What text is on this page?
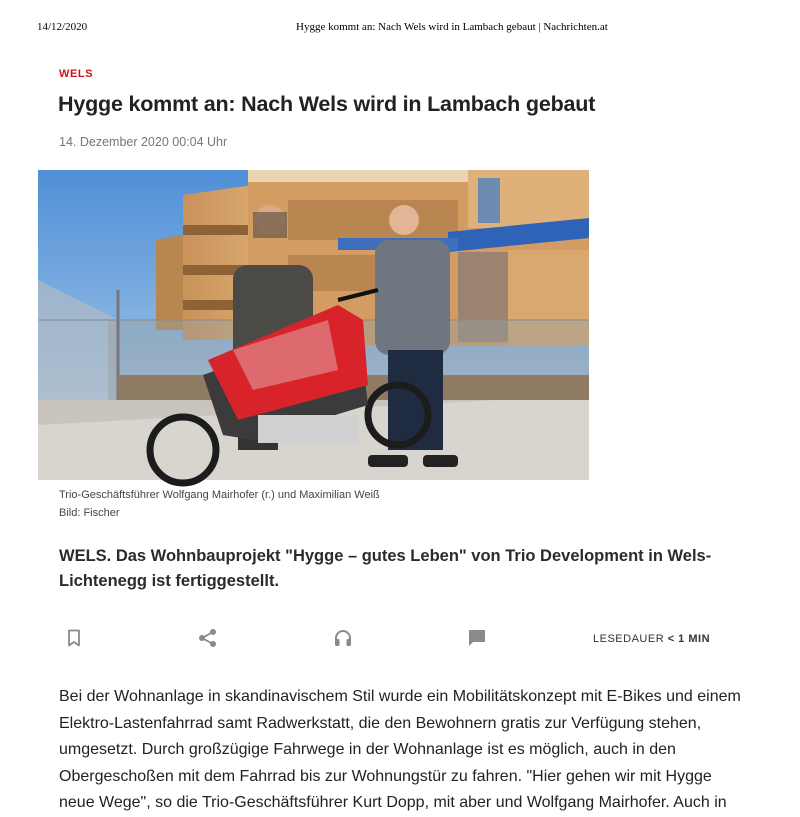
14/12/2020	Hygge kommt an: Nach Wels wird in Lambach gebaut | Nachrichten.at
WELS
Hygge kommt an: Nach Wels wird in Lambach gebaut
14. Dezember 2020 00:04 Uhr
Trio-Geschäftsführer Wolfgang Mairhofer (r.) und Maximilian Weiß
Bild: Fischer

WELS. Das Wohnbauprojekt "Hygge – gutes Leben" von Trio Development in Wels-Lichtenegg ist fertiggestellt.

LESEDAUER < 1 MIN

Bei der Wohnanlage in skandinavischem Stil wurde ein Mobilitätskonzept mit E-Bikes und einem Elektro-Lastenfahrrad samt Radwerkstatt, die den Bewohnern gratis zur Verfügung stehen, umgesetzt. Durch großzügige Fahrwege in der Wohnanlage ist es möglich, auch in den Obergeschoßen mit dem Fahrrad bis zur Wohnungstür zu fahren. "Hier gehen wir mit Hygge neue Wege", so die Trio-Geschäftsführer Kurt Dopp, mit aber und Wolfgang Mairhofer. Auch in
